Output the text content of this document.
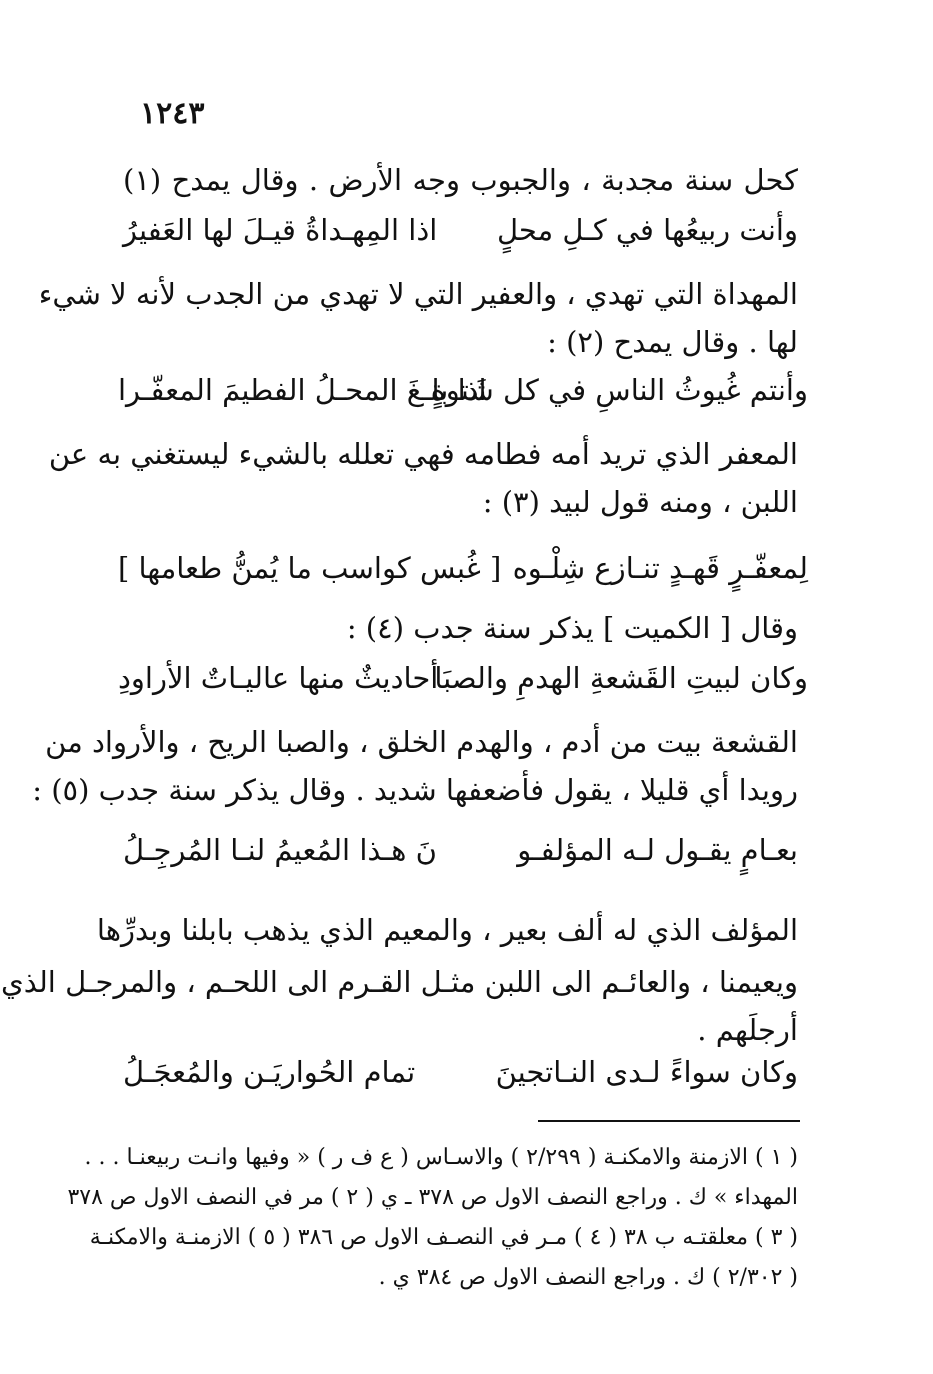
١٢٤٣
كحل سنة مجدبة ، والجبوب وجه الأرض . وقال يمدح (١)
وأنت ربيعُها في كـلِ محلٍ
اذا المِهـداةُ قيـلَ لها العَفيرُ
المهداة التي تهدي ، والعفير التي لا تهدي من الجدب لأنه لا شيء
لها . وقال يمدح (٢) :
وأنتم غُيوثُ الناسِ في كل شَتوةٍ
اذا بلـغَ المحـلُ الفطيمَ المعفّـرا
المعفر الذي تريد أمه فطامه فهي تعلله بالشيء ليستغني به عن
اللبن ، ومنه قول لبيد (٣) :
لِمعفّـرٍ قَهـدٍ تنـازع شِلْـوه
[ غُبس كواسب ما يُمنُّ طعامها ]
وقال [ الكميت ] يذكر سنة جدب (٤) :
وكان لبيتِ القَشعةِ الهدمِ والصبَا
أحاديثٌ منها عاليـاتٌ الأراودِ
القشعة بيت من أدم ، والهدم الخلق ، والصبا الريح ، والأرواد من
رويدا أي قليلا ، يقول فأضعفها شديد . وقال يذكر سنة جدب (٥) :
بعـامٍ يقـول لـه المؤلفـو
نَ هـذا المُعيمُ لنـا المُرجِـلُ
المؤلف الذي له ألف بعير ، والمعيم الذي يذهب بابلنا وبدرِّها
ويعيمنا ، والعائـم الى اللبن مثـل القـرم الى اللحـم ، والمرجـل الذي
أرجلَهم .
وكان سواءً لـدى النـاتجينَ
تمام الحُواريَـن والمُعجَـلُ
( ١ ) الازمنة والامكنـة ( ٢/٢٩٩ ) والاسـاس ( ع ف ر ) « وفيها وانـت ربيعنـا . . .
المهداء » ك . وراجع النصف الاول ص ٣٧٨ ـ ي ( ٢ ) مر في النصف الاول ص ٣٧٨
( ٣ ) معلقتـه ب ٣٨ ( ٤ ) مـر في النصـف الاول ص ٣٨٦ ( ٥ ) الازمنـة والامكنـة
( ٢/٣٠٢ ) ك . وراجع النصف الاول ص ٣٨٤ ي .
